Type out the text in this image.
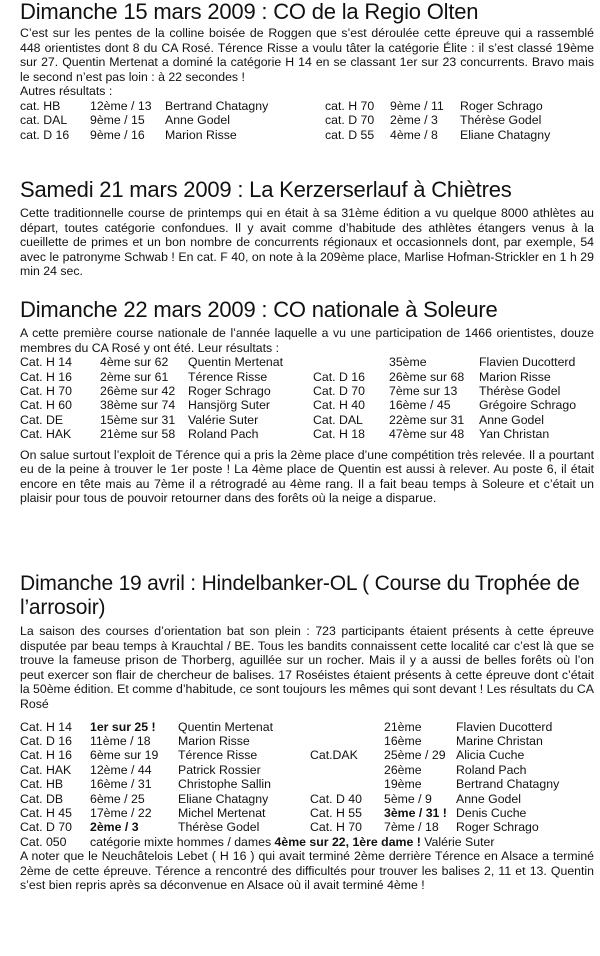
Dimanche 15 mars 2009 : CO de la Regio Olten

C’est sur les pentes de la colline boisée de Roggen que s’est déroulée cette épreuve qui a rassemblé 448 orientistes dont 8 du CA Rosé. Térence Risse a voulu tâter la catégorie Élite : il s’est classé 19ème sur 27. Quentin Mertenat a dominé la catégorie H 14 en se classant 1er sur 23 concurrents. Bravo mais le second n’est pas loin : à 22 secondes !

Autres résultats :

cat. HB	12ème / 13	Bertrand Chatagny	cat. H 70	9ème / 11	Roger Schrago
cat. DAL	9ème / 15	Anne Godel	cat. D 70	2ème / 3	Thérèse Godel
cat. D 16	9ème / 16	Marion Risse	cat. D 55	4ème / 8	Eliane Chatagny
Samedi 21 mars 2009 : La Kerzerserlauf à Chiètres

Cette traditionnelle course de printemps qui en était à sa 31ème édition a vu quelque 8000 athlètes au départ, toutes catégorie confondues. Il y avait comme d’habitude des athlètes étangers venus à la cueillette de primes et un bon nombre de concurrents régionaux et occasionnels dont, par exemple, 54 avec le patronyme Schwab ! En cat. F 40, on note à la 209ème place, Marlise Hofman-Strickler en 1 h 29 min 24 sec.

Dimanche 22 mars 2009 : CO nationale à Soleure

A cette première course nationale de l’année laquelle a vu une participation de 1466 orientistes, douze membres du CA Rosé y ont été. Leur résultats :

Cat. H 14	4ème sur 62	Quentin Mertenat		35ème	Flavien Ducotterd
Cat. H 16	2ème sur 61	Térence Risse	Cat. D 16	26ème sur 68	Marion Risse
Cat. H 70	26ème sur 42	Roger Schrago	Cat. D 70	7ème sur 13	Thérèse Godel
Cat. H 60	38ème sur 74	Hansjörg Suter	Cat. H 40	16ème / 45	Grégoire Schrago
Cat. DE	15ème sur 31	Valérie Suter	Cat. DAL	22ème sur 31	Anne Godel
Cat. HAK	21ème sur 58	Roland Pach	Cat. H 18	47ème sur 48	Yan Christan

On salue surtout l’exploit de Térence qui a pris la 2ème place d’une compétition très relevée. Il a pourtant eu de la peine à trouver le 1er poste ! La 4ème place de Quentin est aussi à relever. Au poste 6, il était encore en tête mais au 7ème il a rétrogradé au 4ème rang. Il a fait beau temps à Soleure et c’était un plaisir pour tous de pouvoir retourner dans des forêts où la neige a disparue.

Dimanche 19 avril : Hindelbanker-OL ( Course du Trophée de l’arrosoir)

La saison des courses d’orientation bat son plein : 723 participants étaient présents à cette épreuve disputée par beau temps à Krauchtal / BE. Tous les bandits connaissent cette localité car c’est là que se trouve la fameuse prison de Thorberg, aguillée sur un rocher. Mais il y a aussi de belles forêts où l’on peut exercer son flair de chercheur de balises. 17 Roséistes étaient présents à cette épreuve dont c’était la 50ème édition. Et comme d’habitude, ce sont toujours les mêmes qui sont devant ! Les résultats du CA Rosé

Cat. H 14	1er sur 25 !	Quentin Mertenat		21ème	Flavien Ducotterd
Cat. D 16	11ème / 18	Marion Risse		16ème	Marine Christan
Cat. H 16	6ème sur 19	Térence Risse	Cat.DAK	25ème / 29	Alicia Cuche
Cat. HAK	12ème / 44	Patrick Rossier		26ème	Roland Pach
Cat. HB	16ème / 31	Christophe Sallin		19ème	Bertrand Chatagny
Cat. DB	6ème / 25	Eliane Chatagny	Cat. D 40	5ème / 9	Anne Godel
Cat. H 45	17ème / 22	Michel Mertenat	Cat. H 55	3ème / 31 !	Denis Cuche
Cat. D 70	2ème / 3	Thérèse Godel	Cat. H 70	7ème / 18	Roger Schrago
Cat. 050 catégorie mixte hommes / dames 4ème sur 22, 1ère dame ! Valérie Suter

A noter que le Neuchâtelois Lebet ( H 16 ) qui avait terminé 2ème derrière Térence en Alsace a terminé 2ème de cette épreuve. Térence a rencontré des difficultés pour trouver les balises 2, 11 et 13. Quentin s’est bien repris après sa déconvenue en Alsace où il avait terminé 4ème !
